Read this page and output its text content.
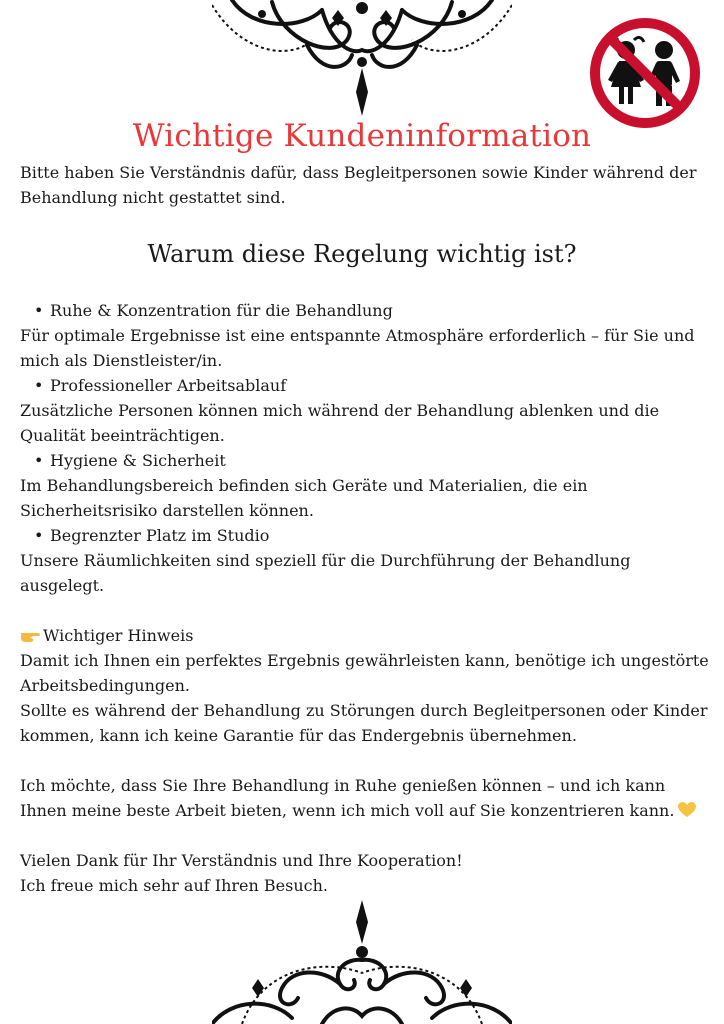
Wichtige Kundeninformation

Bitte haben Sie Verständnis dafür, dass Begleitpersonen sowie Kinder während der Behandlung nicht gestattet sind.

Warum diese Regelung wichtig ist?
• Ruhe & Konzentration für die Behandlung

Für optimale Ergebnisse ist eine entspannte Atmosphäre erforderlich – für Sie und mich als Dienstleister/in.

• Professioneller Arbeitsablauf

Zusätzliche Personen können mich während der Behandlung ablenken und die Qualität beeinträchtigen.

• Hygiene & Sicherheit

Im Behandlungsbereich befinden sich Geräte und Materialien, die ein Sicherheitsrisiko darstellen können.

• Begrenzter Platz im Studio

Unsere Räumlichkeiten sind speziell für die Durchführung der Behandlung ausgelegt.

Wichtiger Hinweis

Damit ich Ihnen ein perfektes Ergebnis gewährleisten kann, benötige ich ungestörte Arbeitsbedingungen.

Sollte es während der Behandlung zu Störungen durch Begleitpersonen oder Kinder kommen, kann ich keine Garantie für das Endergebnis übernehmen.

Ich möchte, dass Sie Ihre Behandlung in Ruhe genießen können – und ich kann Ihnen meine beste Arbeit bieten, wenn ich mich voll auf Sie konzentrieren kann.

Vielen Dank für Ihr Verständnis und Ihre Kooperation!

Ich freue mich sehr auf Ihren Besuch.
